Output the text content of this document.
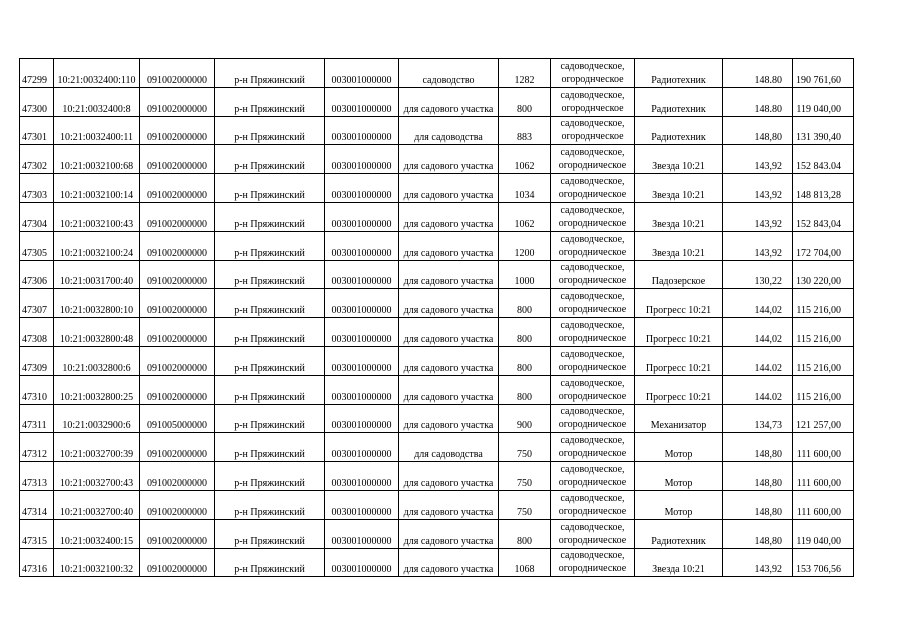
47299	10:21:0032400:110	091002000000	р-н Пряжинский	003001000000	садоводство	1282	садоводческое,
огороднческое	Радиотехник	148.80	190 761,60
47300	10:21:0032400:8	091002000000	р-н Пряжинский	003001000000	для садового участка	800	садоводческое,
огороднческое	Радиотехник	148.80	119 040,00
47301	10:21:0032400:11	091002000000	р-н Пряжинский	003001000000	для садоводства	883	садоводческое,
огороднческое	Радиотехник	148,80	131 390,40
47302	10:21:0032100:68	091002000000	р-н Пряжинский	003001000000	для садового участка	1062	садоводческое,
огородническое	Звезда 10:21	143,92	152 843.04
47303	10:21:0032100:14	091002000000	р-н Пряжинский	003001000000	для садового участка	1034	садоводческое,
огородническое	Звезда 10:21	143,92	148 813,28
47304	10:21:0032100:43	091002000000	р-н Пряжинский	003001000000	для садового участка	1062	садоводческое,
огородническое	Звезда 10:21	143,92	152 843,04
47305	10:21:0032100:24	091002000000	р-н Пряжинский	003001000000	для садового участка	1200	садоводческое,
огородническое	Звезда 10:21	143,92	172 704,00
47306	10:21:0031700:40	091002000000	р-н Пряжинский	003001000000	для садового участка	1000	садоводческое,
огородническое	Падозерское	130,22	130 220,00
47307	10:21:0032800:10	091002000000	р-н Пряжинский	003001000000	для садового участка	800	садоводческое,
огородническое	Прогресс 10:21	144,02	115 216,00
47308	10:21:0032800:48	091002000000	р-н Пряжинский	003001000000	для садового участка	800	садоводческое,
огородническое	Прогресс 10:21	144,02	115 216,00
47309	10:21:0032800:6	091002000000	р-н Пряжинский	003001000000	для садового участка	800	садоводческое,
огородническое	Прогресс 10:21	144.02	115 216,00
47310	10:21:0032800:25	091002000000	р-н Пряжинский	003001000000	для садового участка	800	садоводческое,
огородническое	Прогресс 10:21	144.02	115 216,00
47311	10:21:0032900:6	091005000000	р-н Пряжинский	003001000000	для садового участка	900	садоводческое,
огородническое	Механизатор	134,73	121 257,00
47312	10:21:0032700:39	091002000000	р-н Пряжинский	003001000000	для садоводства	750	садоводческое,
огородническое	Мотор	148,80	111 600,00
47313	10:21:0032700:43	091002000000	р-н Пряжинский	003001000000	для садового участка	750	садоводческое,
огородническое	Мотор	148,80	111 600,00
47314	10:21:0032700:40	091002000000	р-н Пряжинский	003001000000	для садового участка	750	садоводческое,
огородническое	Мотор	148,80	111 600,00
47315	10:21:0032400:15	091002000000	р-н Пряжинский	003001000000	для садового участка	800	садоводческое,
огородническое	Радиотехник	148,80	119 040,00
47316	10:21:0032100:32	091002000000	р-н Пряжинский	003001000000	для садового участка	1068	садоводческое,
огородническое	Звезда 10:21	143,92	153 706,56
